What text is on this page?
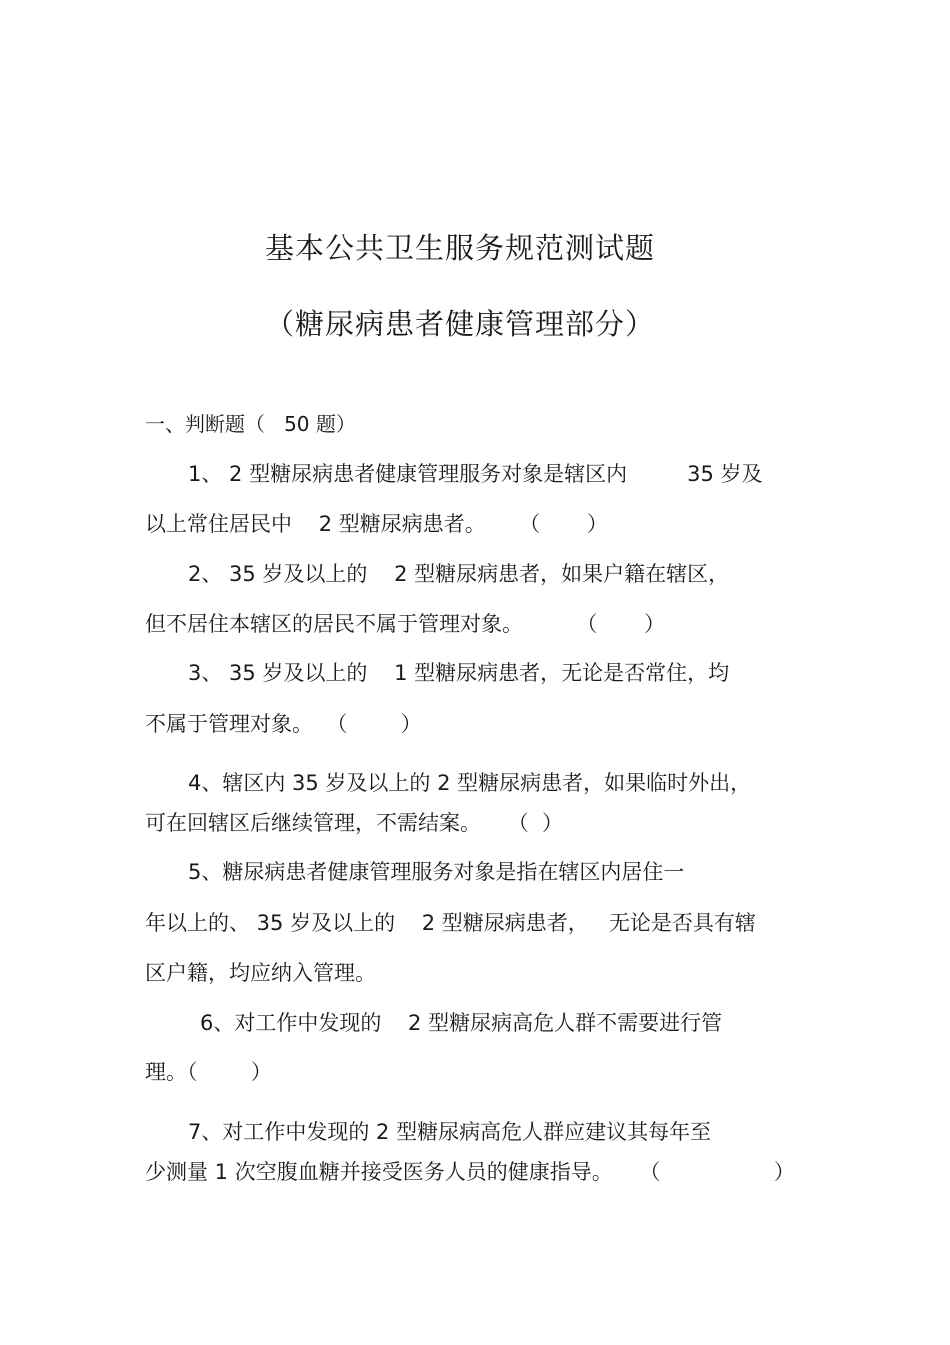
基本公共卫生服务规范测试题
（糖尿病患者健康管理部分）

一、判断题（   50 题）

1、 2 型糖尿病患者健康管理服务对象是辖区内         35 岁及

以上常住居民中    2 型糖尿病患者。     （       ）

2、 35 岁及以上的    2 型糖尿病患者，如果户籍在辖区，

但不居住本辖区的居民不属于管理对象。        （       ）

3、 35 岁及以上的    1 型糖尿病患者，无论是否常住，均

不属于管理对象。  （        ）

4、辖区内 35 岁及以上的 2 型糖尿病患者，如果临时外出，

可在回辖区后继续管理，不需结案。    （  ）

5、糖尿病患者健康管理服务对象是指在辖区内居住一

年以上的、 35 岁及以上的    2 型糖尿病患者，   无论是否具有辖

区户籍，均应纳入管理。

6、对工作中发现的    2 型糖尿病高危人群不需要进行管

理。（        ）

7、对工作中发现的 2 型糖尿病高危人群应建议其每年至

少测量 1 次空腹血糖并接受医务人员的健康指导。    （                 ）
